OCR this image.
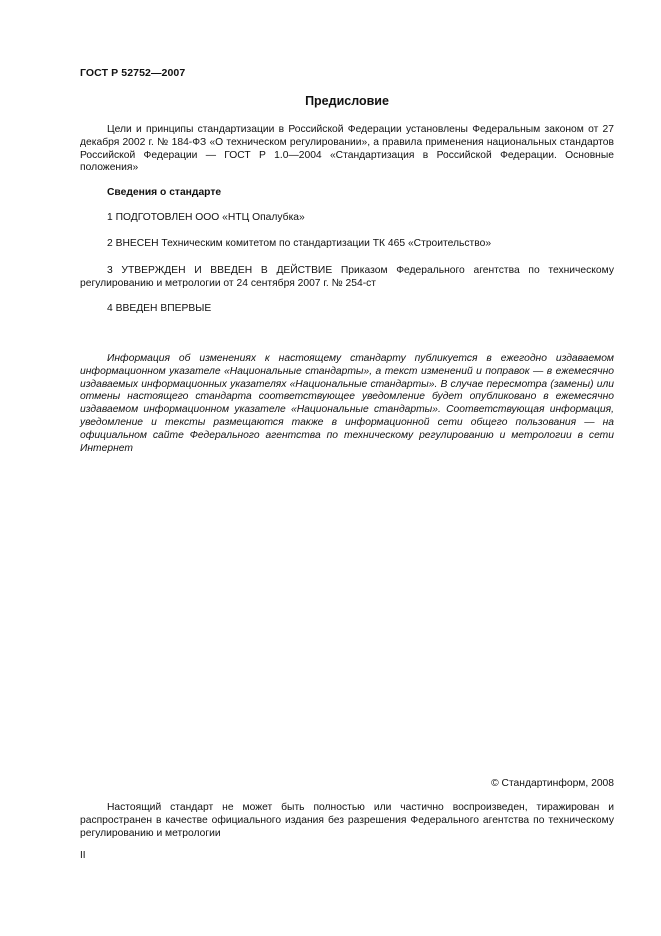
ГОСТ Р 52752—2007
Предисловие
Цели и принципы стандартизации в Российской Федерации установлены Федеральным законом от 27 декабря 2002 г. № 184-ФЗ «О техническом регулировании», а правила применения национальных стандартов Российской Федерации — ГОСТ Р 1.0—2004 «Стандартизация в Российской Федерации. Основные положения»
Сведения о стандарте
1 ПОДГОТОВЛЕН ООО «НТЦ Опалубка»
2 ВНЕСЕН Техническим комитетом по стандартизации ТК 465 «Строительство»
3 УТВЕРЖДЕН И ВВЕДЕН В ДЕЙСТВИЕ Приказом Федерального агентства по техническому регулированию и метрологии от 24 сентября 2007 г. № 254-ст
4 ВВЕДЕН ВПЕРВЫЕ
Информация об изменениях к настоящему стандарту публикуется в ежегодно издаваемом информационном указателе «Национальные стандарты», а текст изменений и поправок — в ежемесячно издаваемых информационных указателях «Национальные стандарты». В случае пересмотра (замены) или отмены настоящего стандарта соответствующее уведомление будет опубликовано в ежемесячно издаваемом информационном указателе «Национальные стандарты». Соответствующая информация, уведомление и тексты размещаются также в информационной сети общего пользования — на официальном сайте Федерального агентства по техническому регулированию и метрологии в сети Интернет
© Стандартинформ, 2008
Настоящий стандарт не может быть полностью или частично воспроизведен, тиражирован и распространен в качестве официального издания без разрешения Федерального агентства по техническому регулированию и метрологии
II
